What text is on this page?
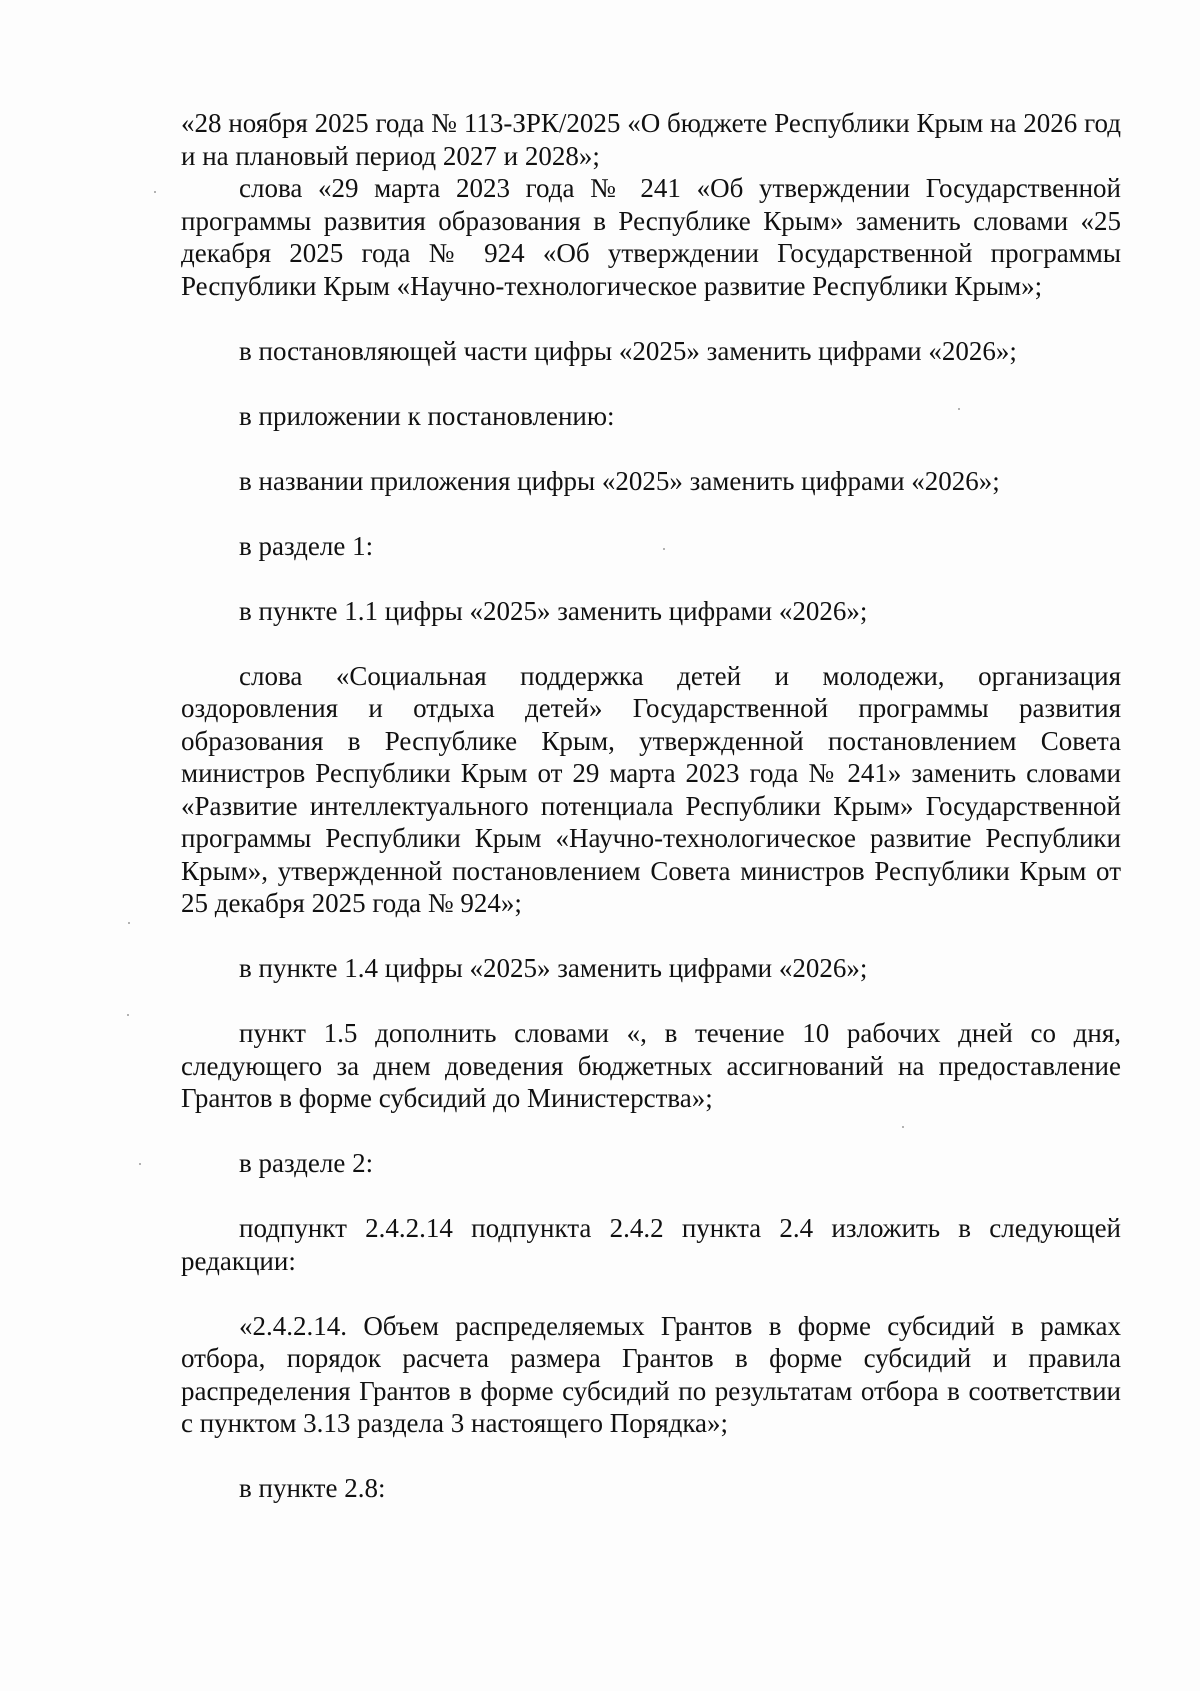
«28 ноября 2025 года № 113-ЗРК/2025 «О бюджете Республики Крым на 2026 год и на плановый период 2027 и 2028»;

слова «29 марта 2023 года № 241 «Об утверждении Государственной программы развития образования в Республике Крым» заменить словами «25 декабря 2025 года № 924 «Об утверждении Государственной программы Республики Крым «Научно-технологическое развитие Республики Крым»;

в постановляющей части цифры «2025» заменить цифрами «2026»;

в приложении к постановлению:

в названии приложения цифры «2025» заменить цифрами «2026»;

в разделе 1:

в пункте 1.1 цифры «2025» заменить цифрами «2026»;

слова «Социальная поддержка детей и молодежи, организация оздоровления и отдыха детей» Государственной программы развития образования в Республике Крым, утвержденной постановлением Совета министров Республики Крым от 29 марта 2023 года № 241» заменить словами «Развитие интеллектуального потенциала Республики Крым» Государственной программы Республики Крым «Научно-технологическое развитие Республики Крым», утвержденной постановлением Совета министров Республики Крым от 25 декабря 2025 года № 924»;

в пункте 1.4 цифры «2025» заменить цифрами «2026»;

пункт 1.5 дополнить словами «, в течение 10 рабочих дней со дня, следующего за днем доведения бюджетных ассигнований на предоставление Грантов в форме субсидий до Министерства»;

в разделе 2:

подпункт 2.4.2.14 подпункта 2.4.2 пункта 2.4 изложить в следующей редакции:

«2.4.2.14. Объем распределяемых Грантов в форме субсидий в рамках отбора, порядок расчета размера Грантов в форме субсидий и правила распределения Грантов в форме субсидий по результатам отбора в соответствии с пунктом 3.13 раздела 3 настоящего Порядка»;

в пункте 2.8:
